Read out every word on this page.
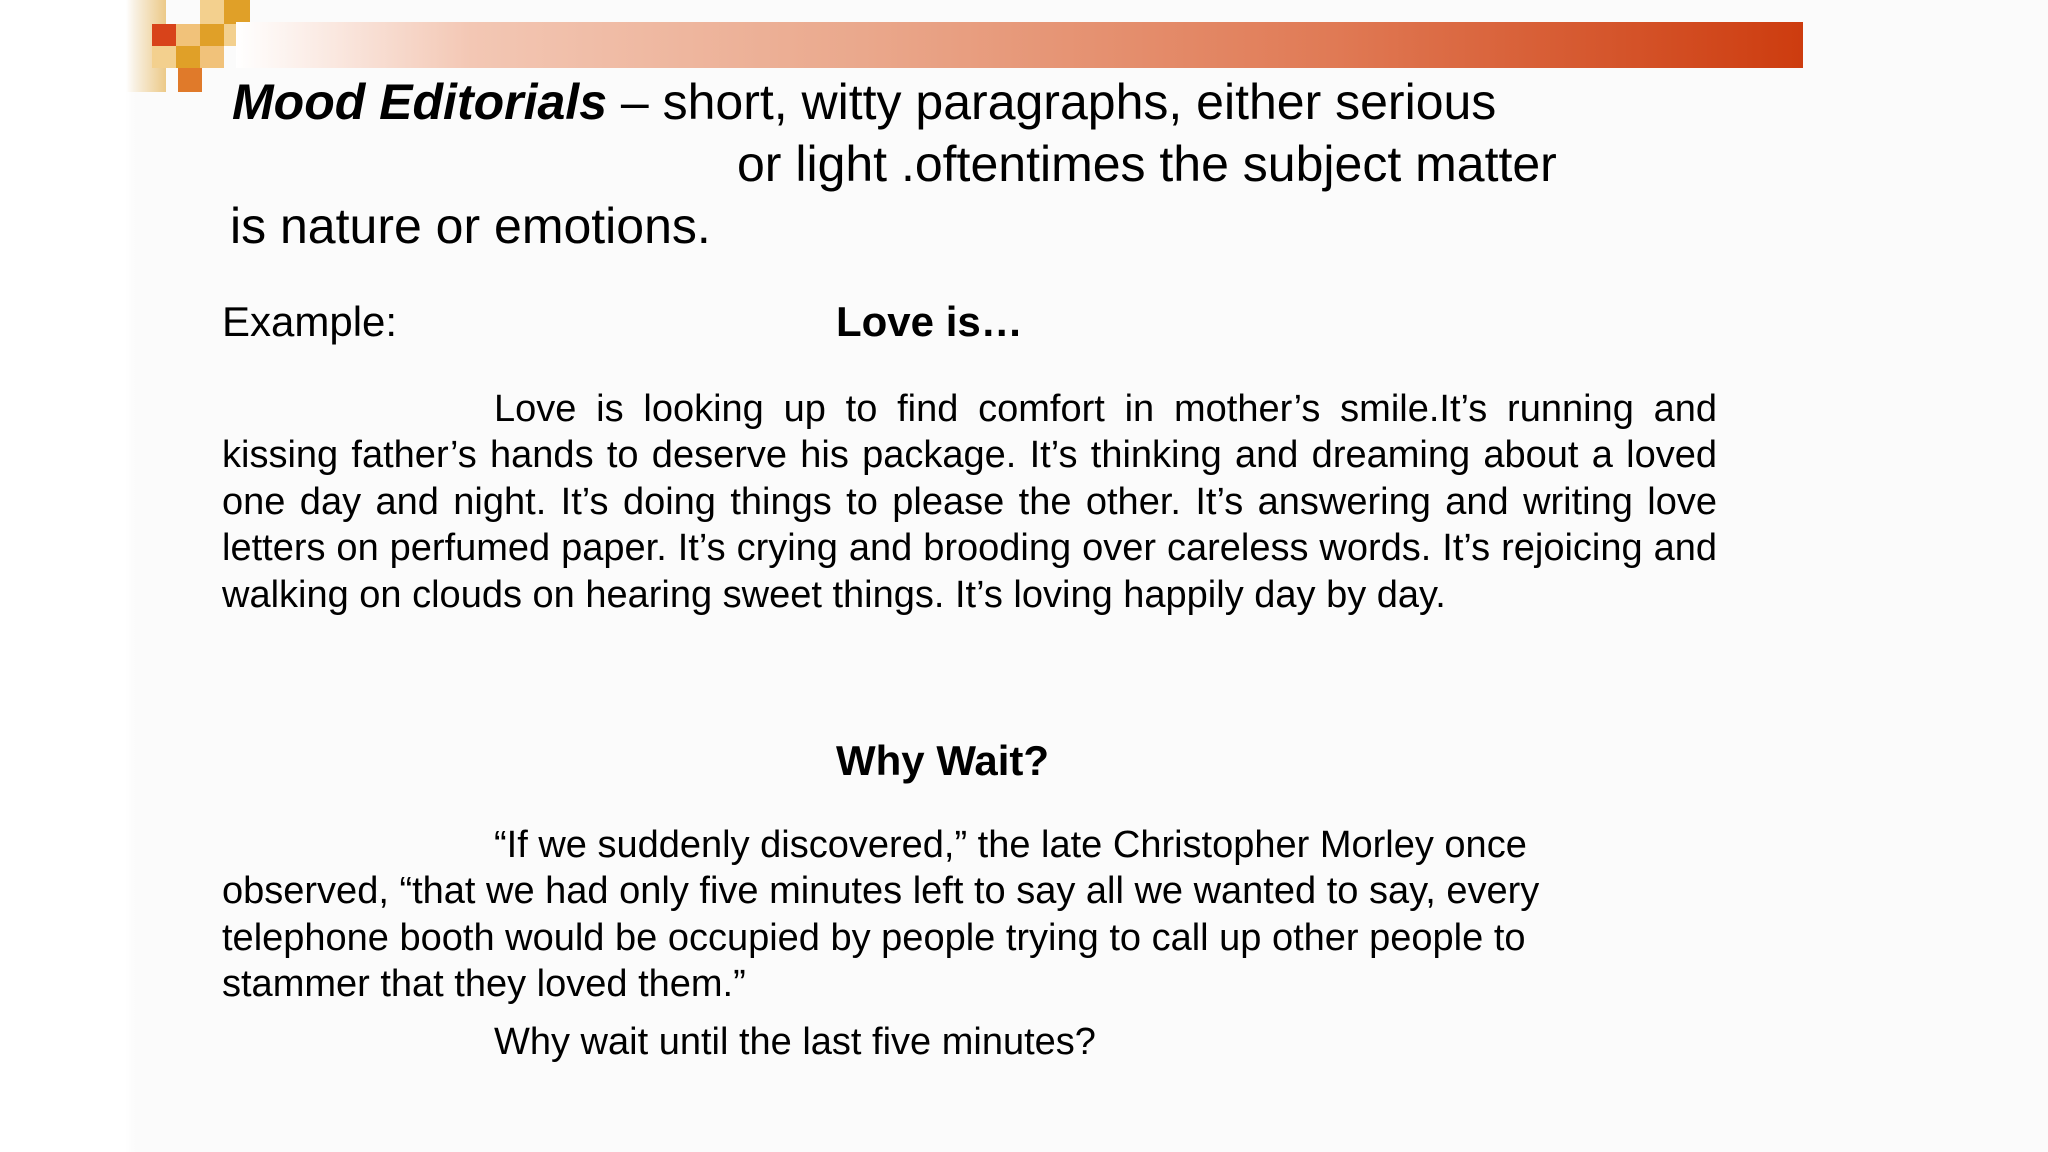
Mood Editorials – short, witty paragraphs, either serious
or light .oftentimes the subject matter
is nature or emotions.
Example:	Love is…

Love is looking up to find comfort in mother’s smile.It’s running and kissing father’s hands to deserve his package. It’s thinking and dreaming about a loved one day and night. It’s doing things to please the other. It’s answering and writing love letters on perfumed paper. It’s crying and brooding over careless words. It’s rejoicing and walking on clouds on hearing sweet things. It’s loving happily day by day.

Why Wait?
“If we suddenly discovered,” the late Christopher Morley once
observed, “that we had only five minutes left to say all we wanted to say, every
telephone booth would be occupied by people trying to call up other people to
stammer that they loved them.”
Why wait until the last five minutes?
